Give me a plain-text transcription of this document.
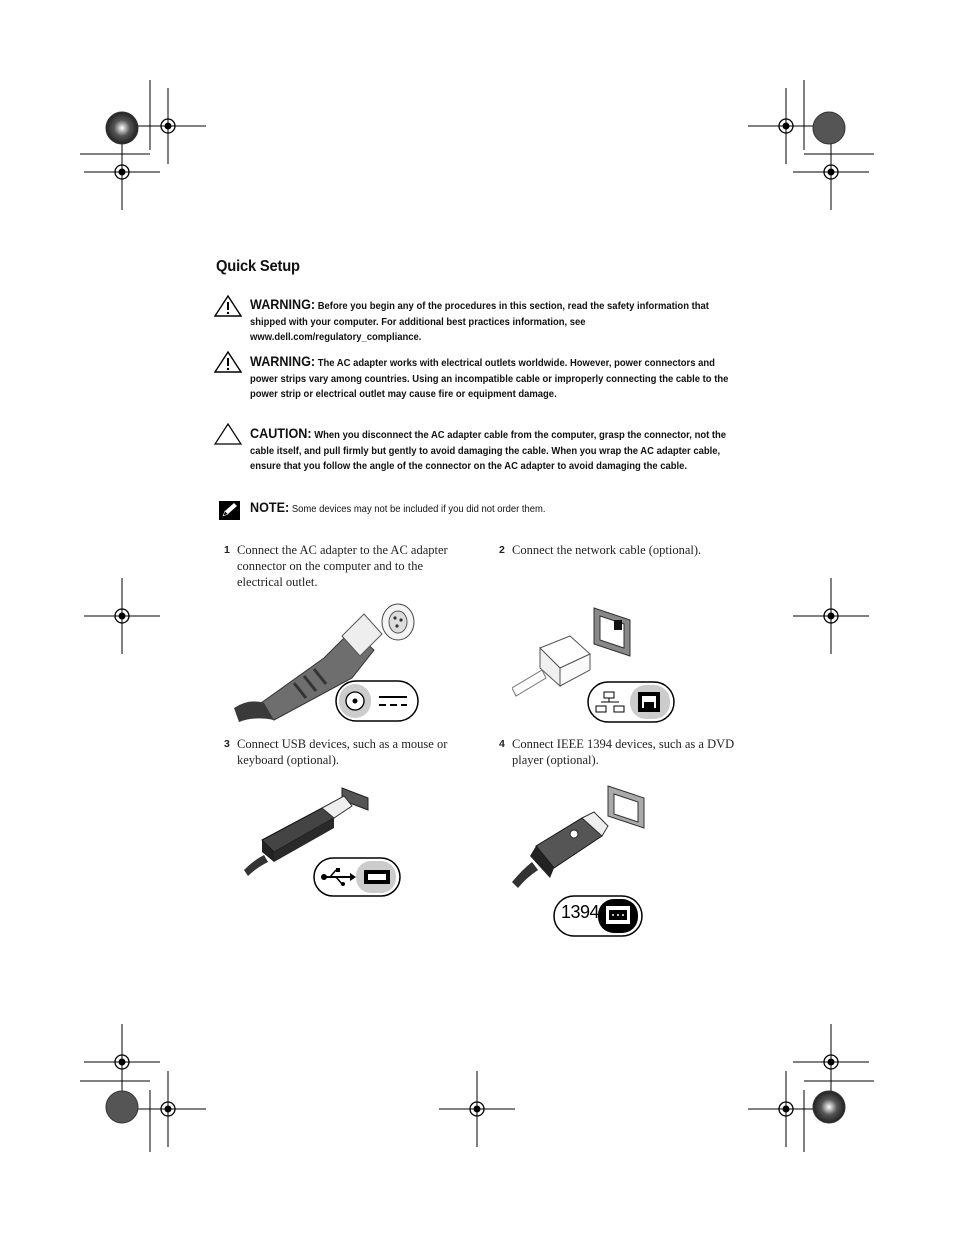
Quick Setup
WARNING: Before you begin any of the procedures in this section, read the safety information that shipped with your computer. For additional best practices information, see www.dell.com/regulatory_compliance.
WARNING: The AC adapter works with electrical outlets worldwide. However, power connectors and power strips vary among countries. Using an incompatible cable or improperly connecting the cable to the power strip or electrical outlet may cause fire or equipment damage.
CAUTION: When you disconnect the AC adapter cable from the computer, grasp the connector, not the cable itself, and pull firmly but gently to avoid damaging the cable. When you wrap the AC adapter cable, ensure that you follow the angle of the connector on the AC adapter to avoid damaging the cable.
NOTE: Some devices may not be included if you did not order them.
1 Connect the AC adapter to the AC adapter connector on the computer and to the electrical outlet.
2 Connect the network cable (optional).
3 Connect USB devices, such as a mouse or keyboard (optional).
4 Connect IEEE 1394 devices, such as a DVD player (optional).
1394
